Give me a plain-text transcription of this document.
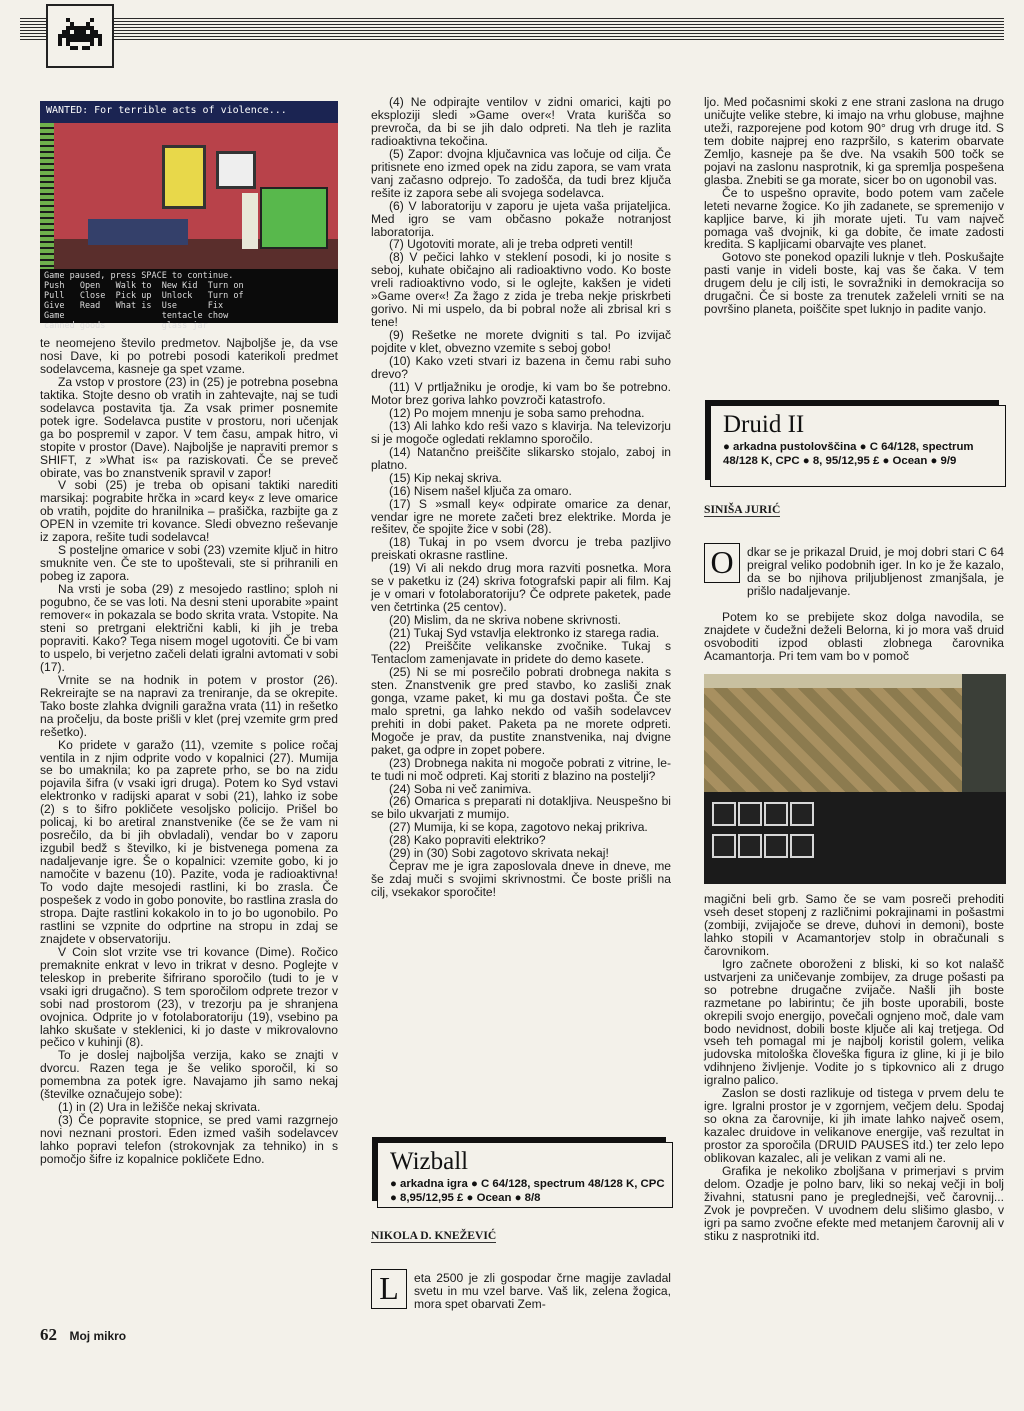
WANTED: For terrible acts of violence...
Game paused, press SPACE to continue.
Push   Open   Walk to  New Kid  Turn on
Pull   Close  Pick up  Unlock   Turn of
Give   Read   What is  Use      Fix
Game                   tentacle chow
canned goods           glass jar

te neomejeno število predmetov. Najboljše je, da vse nosi Dave, ki po potrebi posodi katerikoli predmet sodelavcema, kasneje ga spet vzame.

Za vstop v prostore (23) in (25) je potrebna posebna taktika. Stojte desno ob vratih in zahtevajte, naj se tudi sodelavca postavita tja. Za vsak primer posnemite potek igre. Sodelavca pustite v prostoru, nori učenjak ga bo pospremil v zapor. V tem času, ampak hitro, vi stopite v prostor (Dave). Najboljše je napraviti premor s SHIFT, z »What is« pa raziskovati. Če se preveč obirate, vas bo znanstvenik spravil v zapor!

V sobi (25) je treba ob opisani taktiki narediti marsikaj: pograbite hrčka in »card key« z leve omarice ob vratih, pojdite do hranilnika – prašička, razbijte ga z OPEN in vzemite tri kovance. Sledi obvezno reševanje iz zapora, rešite tudi sodelavca!

S posteljne omarice v sobi (23) vzemite ključ in hitro smuknite ven. Če ste to upoštevali, ste si prihranili en pobeg iz zapora.

Na vrsti je soba (29) z mesojedo rastlino; sploh ni pogubno, če se vas loti. Na desni steni uporabite »paint remover« in pokazala se bodo skrita vrata. Vstopite. Na steni so pretrgani električni kabli, ki jih je treba popraviti. Kako? Tega nisem mogel ugotoviti. Če bi vam to uspelo, bi verjetno začeli delati igralni avtomati v sobi (17).

Vrnite se na hodnik in potem v prostor (26). Rekreirajte se na napravi za treniranje, da se okrepite. Tako boste zlahka dvignili garažna vrata (11) in rešetko na pročelju, da boste prišli v klet (prej vzemite grm pred rešetko).

Ko pridete v garažo (11), vzemite s police ročaj ventila in z njim odprite vodo v kopalnici (27). Mumija se bo umaknila; ko pa zaprete prho, se bo na zidu pojavila šifra (v vsaki igri druga). Potem ko Syd vstavi elektronko v radijski aparat v sobi (21), lahko iz sobe (2) s to šifro pokličete vesoljsko policijo. Prišel bo policaj, ki bo aretiral znanstvenike (če se že vam ni posrečilo, da bi jih obvladali), vendar bo v zaporu izgubil bedž s številko, ki je bistvenega pomena za nadaljevanje igre. Še o kopalnici: vzemite gobo, ki jo namočite v bazenu (10). Pazite, voda je radioaktivna! To vodo dajte mesojedi rastlini, ki bo zrasla. Če pospešek z vodo in gobo ponovite, bo rastlina zrasla do stropa. Dajte rastlini kokakolo in to jo bo ugonobilo. Po rastlini se vzpnite do odprtine na stropu in zdaj se znajdete v observatoriju.

V Coin slot vrzite vse tri kovance (Dime). Ročico premaknite enkrat v levo in trikrat v desno. Poglejte v teleskop in preberite šifrirano sporočilo (tudi to je v vsaki igri drugačno). S tem sporočilom odprete trezor v sobi nad prostorom (23), v trezorju pa je shranjena ovojnica. Odprite jo v fotolaboratoriju (19), vsebino pa lahko skušate v steklenici, ki jo daste v mikrovalovno pečico v kuhinji (8).

To je doslej najboljša verzija, kako se znajti v dvorcu. Razen tega je še veliko sporočil, ki so pomembna za potek igre. Navajamo jih samo nekaj (številke označujejo sobe):

(1) in (2) Ura in ležišče nekaj skrivata.

(3) Če popravite stopnice, se pred vami razgrnejo novi neznani prostori. Eden izmed vaših sodelavcev lahko popravi telefon (strokovnjak za tehniko) in s pomočjo šifre iz kopalnice pokličete Edno.

(4) Ne odpirajte ventilov v zidni omarici, kajti po eksploziji sledi »Game over«! Vrata kurišča so prevroča, da bi se jih dalo odpreti. Na tleh je razlita radioaktivna tekočina.

(5) Zapor: dvojna ključavnica vas ločuje od cilja. Če pritisnete eno izmed opek na zidu zapora, se vam vrata vanj začasno odprejo. To zadošča, da tudi brez ključa rešite iz zapora sebe ali svojega sodelavca.

(6) V laboratoriju v zaporu je ujeta vaša prijateljica. Med igro se vam občasno pokaže notranjost laboratorija.

(7) Ugotoviti morate, ali je treba odpreti ventil!

(8) V pečici lahko v steklení posodi, ki jo nosite s seboj, kuhate običajno ali radioaktivno vodo. Ko boste vreli radioaktivno vodo, si le oglejte, kakšen je videti »Game over«! Za žago z zida je treba nekje priskrbeti gorivo. Ni mi uspelo, da bi pobral nože ali zbrisal kri s tene!

(9) Rešetke ne morete dvigniti s tal. Po izvijač pojdite v klet, obvezno vzemite s seboj gobo!

(10) Kako vzeti stvari iz bazena in čemu rabi suho drevo?

(11) V prtljažniku je orodje, ki vam bo še potrebno. Motor brez goriva lahko povzroči katastrofo.

(12) Po mojem mnenju je soba samo prehodna.

(13) Ali lahko kdo reši vazo s klavirja. Na televizorju si je mogoče ogledati reklamno sporočilo.

(14) Natančno preiščite slikarsko stojalo, zaboj in platno.

(15) Kip nekaj skriva.

(16) Nisem našel ključa za omaro.

(17) S »small key« odpirate omarice za denar, vendar igre ne morete začeti brez elektrike. Morda je rešitev, če spojite žice v sobi (28).

(18) Tukaj in po vsem dvorcu je treba pazljivo preiskati okrasne rastline.

(19) Vi ali nekdo drug mora razviti posnetka. Mora se v paketku iz (24) skriva fotografski papir ali film. Kaj je v omari v fotolaboratoriju? Če odprete paketek, pade ven četrtinka (25 centov).

(20) Mislim, da ne skriva nobene skrivnosti.

(21) Tukaj Syd vstavlja elektronko iz starega radia.

(22) Preiščite velikanske zvočnike. Tukaj s Tentaclom zamenjavate in pridete do demo kasete.

(25) Ni se mi posrečilo pobrati drobnega nakita s sten. Znanstvenik gre pred stavbo, ko zasliši znak gonga, vzame paket, ki mu ga dostavi pošta. Če ste malo spretni, ga lahko nekdo od vaših sodelavcev prehiti in dobi paket. Paketa pa ne morete odpreti. Mogoče je prav, da pustite znanstvenika, naj dvigne paket, ga odpre in zopet pobere.

(23) Drobnega nakita ni mogoče pobrati z vitrine, le-te tudi ni moč odpreti. Kaj storiti z blazino na postelji?

(24) Soba ni več zanimiva.

(26) Omarica s preparati ni dotakljiva. Neuspešno bi se bilo ukvarjati z mumijo.

(27) Mumija, ki se kopa, zagotovo nekaj prikriva.

(28) Kako popraviti elektriko?

(29) in (30) Sobi zagotovo skrivata nekaj!

Čeprav me je igra zaposlovala dneve in dneve, me še zdaj muči s svojimi skrivnostmi. Če boste prišli na cilj, vsekakor sporočite!

Wizball
● arkadna igra ● C 64/128, spectrum 48/128 K, CPC ● 8,95/12,95 £ ● Ocean ● 8/8
NIKOLA D. KNEŽEVIĆ
L	eta 2500 je zli gospodar črne magije zavladal svetu in mu vzel barve. Vaš lik, zelena žogica, mora spet obarvati Zem-

ljo. Med počasnimi skoki z ene strani zaslona na drugo uničujte velike stebre, ki imajo na vrhu globuse, majhne uteži, razporejene pod kotom 90° drug vrh druge itd. S tem dobite najprej eno razpršilo, s katerim obarvate Zemljo, kasneje pa še dve. Na vsakih 500 točk se pojavi na zaslonu nasprotnik, ki ga spremlja pospešena glasba. Znebiti se ga morate, sicer bo on ugonobil vas.

Če to uspešno opravite, bodo potem vam začele leteti nevarne žogice. Ko jih zadanete, se spremenijo v kapljice barve, ki jih morate ujeti. Tu vam največ pomaga vaš dvojnik, ki ga dobite, če imate zadosti kredita. S kapljicami obarvajte ves planet.

Gotovo ste ponekod opazili luknje v tleh. Poskušajte pasti vanje in videli boste, kaj vas še čaka. V tem drugem delu je cilj isti, le sovražniki in demokracija so drugačni. Če si boste za trenutek zaželeli vrniti se na površino planeta, poiščite spet luknjo in padite vanjo.

Druid II
● arkadna pustolovščina ● C 64/128, spectrum 48/128 K, CPC ● 8, 95/12,95 £ ● Ocean ● 9/9
SINIŠA JURIĆ
O	dkar se je prikazal Druid, je moj dobri stari C 64 preigral veliko podobnih iger. In ko je že kazalo, da se bo njihova priljubljenost zmanjšala, je prišlo nadaljevanje.

Potem ko se prebijete skoz dolga navodila, se znajdete v čudežni deželi Belorna, ki jo mora vaš druid osvoboditi izpod oblasti zlobnega čarovnika Acamantorja. Pri tem vam bo v pomoč

magični beli grb. Samo če se vam posreči prehoditi vseh deset stopenj z različnimi pokrajinami in pošastmi (zombiji, zvijajoče se dreve, duhovi in demoni), boste lahko stopili v Acamantorjev stolp in obračunali s čarovnikom.

Igro začnete oboroženi z bliski, ki so kot nalašč ustvarjeni za uničevanje zombijev, za druge pošasti pa so potrebne drugačne zvijače. Našli jih boste razmetane po labirintu; če jih boste uporabili, boste okrepili svojo energijo, povečali ognjeno moč, dale vam bodo nevidnost, dobili boste ključe ali kaj tretjega. Od vseh teh pomagal mi je najbolj koristil golem, velika judovska mitološka človeška figura iz gline, ki ji je bilo vdihnjeno življenje. Vodite jo s tipkovnico ali z drugo igralno palico.

Zaslon se dosti razlikuje od tistega v prvem delu te igre. Igralni prostor je v zgornjem, večjem delu. Spodaj so okna za čarovnije, ki jih imate lahko največ osem, kazalec druidove in velikanove energije, vaš rezultat in prostor za sporočila (DRUID PAUSES itd.) ter zelo lepo oblikovan kazalec, ali je velikan z vami ali ne.

Grafika je nekoliko zboljšana v primerjavi s prvim delom. Ozadje je polno barv, liki so nekaj večji in bolj živahni, statusni pano je preglednejši, več čarovnij... Zvok je povprečen. V uvodnem delu slišimo glasbo, v igri pa samo zvočne efekte med metanjem čarovnij ali v stiku z nasprotniki itd.

62 Moj mikro
